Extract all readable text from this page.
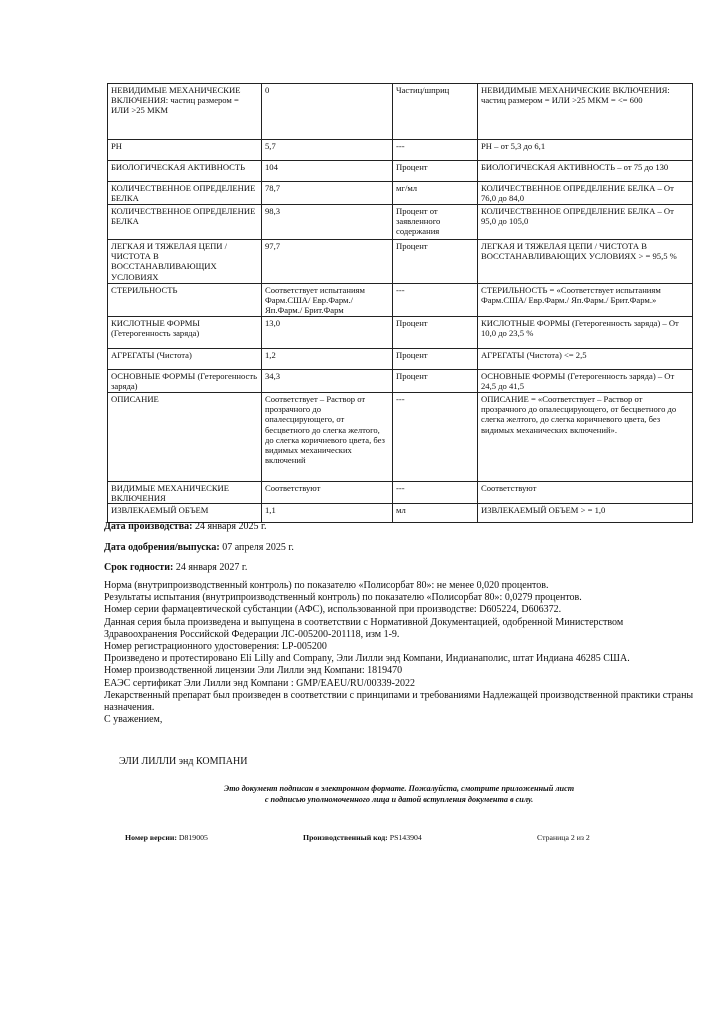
НЕВИДИМЫЕ МЕХАНИЧЕСКИЕ ВКЛЮЧЕНИЯ: частиц размером = ИЛИ >25 МКМ	0	Частиц/шприц	НЕВИДИМЫЕ МЕХАНИЧЕСКИЕ ВКЛЮЧЕНИЯ: частиц размером = ИЛИ >25 МКМ = <= 600
PH	5,7	---	PH – от 5,3 до 6,1
БИОЛОГИЧЕСКАЯ АКТИВНОСТЬ	104	Процент	БИОЛОГИЧЕСКАЯ АКТИВНОСТЬ – от 75 до 130
КОЛИЧЕСТВЕННОЕ ОПРЕДЕЛЕНИЕ БЕЛКА	78,7	мг/мл	КОЛИЧЕСТВЕННОЕ ОПРЕДЕЛЕНИЕ БЕЛКА – От 76,0 до 84,0
КОЛИЧЕСТВЕННОЕ ОПРЕДЕЛЕНИЕ БЕЛКА	98,3	Процент от заявленного содержания	КОЛИЧЕСТВЕННОЕ ОПРЕДЕЛЕНИЕ БЕЛКА – От 95,0 до 105,0
ЛЕГКАЯ И ТЯЖЕЛАЯ ЦЕПИ / ЧИСТОТА В ВОССТАНАВЛИВАЮЩИХ УСЛОВИЯХ	97,7	Процент	ЛЕГКАЯ И ТЯЖЕЛАЯ ЦЕПИ / ЧИСТОТА В ВОССТАНАВЛИВАЮЩИХ УСЛОВИЯХ > = 95,5 %
СТЕРИЛЬНОСТЬ	Соответствует испытаниям Фарм.США/ Евр.Фарм./ Яп.Фарм./ Брит.Фарм	---	СТЕРИЛЬНОСТЬ = «Соответствует испытаниям Фарм.США/ Евр.Фарм./ Яп.Фарм./ Брит.Фарм.»
КИСЛОТНЫЕ ФОРМЫ (Гетерогенность заряда)	13,0	Процент	КИСЛОТНЫЕ ФОРМЫ (Гетерогенность заряда) – От 10,0 до 23,5 %
АГРЕГАТЫ (Чистота)	1,2	Процент	АГРЕГАТЫ (Чистота) <= 2,5
ОСНОВНЫЕ ФОРМЫ (Гетерогенность заряда)	34,3	Процент	ОСНОВНЫЕ ФОРМЫ (Гетерогенность заряда) – От 24,5 до 41,5
ОПИСАНИЕ	Соответствует – Раствор от прозрачного до опалесцирующего, от бесцветного до слегка желтого, до слегка коричневого цвета, без видимых механических включений	---	ОПИСАНИЕ = «Соответствует – Раствор от прозрачного до опалесцирующего, от бесцветного до слегка желтого, до слегка коричневого цвета, без видимых механических включений».
ВИДИМЫЕ МЕХАНИЧЕСКИЕ ВКЛЮЧЕНИЯ	Соответствуют	---	Соответствуют
ИЗВЛЕКАЕМЫЙ ОБЪЕМ	1,1	мл	ИЗВЛЕКАЕМЫЙ ОБЪЕМ > = 1,0
Дата производства: 24 января 2025 г.
Дата одобрения/выпуска: 07 апреля 2025 г.
Срок годности: 24 января 2027 г.
Норма (внутрипроизводственный контроль) по показателю «Полисорбат 80»: не менее 0,020 процентов.
Результаты испытания (внутрипроизводственный контроль) по показателю «Полисорбат 80»: 0,0279 процентов.
Номер серии фармацевтической субстанции (АФС), использованной при производстве: D605224, D606372.
Данная серия была произведена и выпущена в соответствии с Нормативной Документацией, одобренной Министерством Здравоохранения Российской Федерации ЛС-005200-201118, изм 1-9.
Номер регистрационного удостоверения: LP-005200
Произведено и протестировано Eli Lilly and Company, Эли Лилли энд Компани, Индианаполис, штат Индиана 46285 США.
Номер производственной лицензии Эли Лилли энд Компани: 1819470
ЕАЭС сертификат Эли Лилли энд Компани : GMP/EAEU/RU/00339-2022
Лекарственный препарат был произведен в соответствии с принципами и требованиями Надлежащей производственной практики страны назначения.
С уважением,
ЭЛИ ЛИЛЛИ энд КОМПАНИ
Это документ подписан в электронном формате. Пожалуйста, смотрите приложенный лист
с подписью уполномоченного лица и датой вступления документа в силу.
Номер версии: D819005	Производственный код: PS143904	Страница 2 из 2
